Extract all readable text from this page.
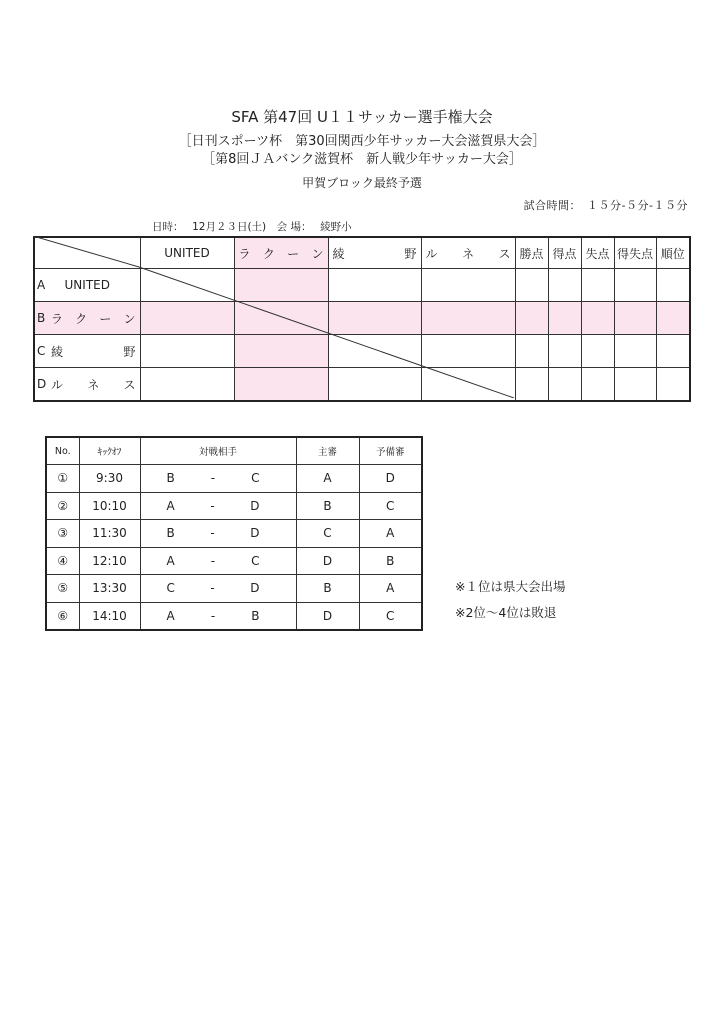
SFA 第47回 U１１サッカー選手権大会
［日刊スポーツ杯　第30回関西少年サッカー大会滋賀県大会］
［第8回ＪＡバンク滋賀杯　新人戦少年サッカー大会］
甲賀ブロック最終予選
試合時間：　１５分-５分-１５分
日時：　 12月２３日(土)　会 場：　 綾野小
	UNITED	ラ ク ー ン	綾 野	ル ネ ス	勝点	得点	失点	得失点	順位

A UNITED									

B ラ ク ー ン									

C 綾 野									

D ル ネ ス									

No.	ｷｯｸｵﾌ	対戦相手	主審	予備審
①	9:30	B - C	A	D
②	10:10	A - D	B	C
③	11:30	B - D	C	A
④	12:10	A - C	D	B
⑤	13:30	C - D	B	A
⑥	14:10	A - B	D	C
※１位は県大会出場
※2位～4位は敗退
